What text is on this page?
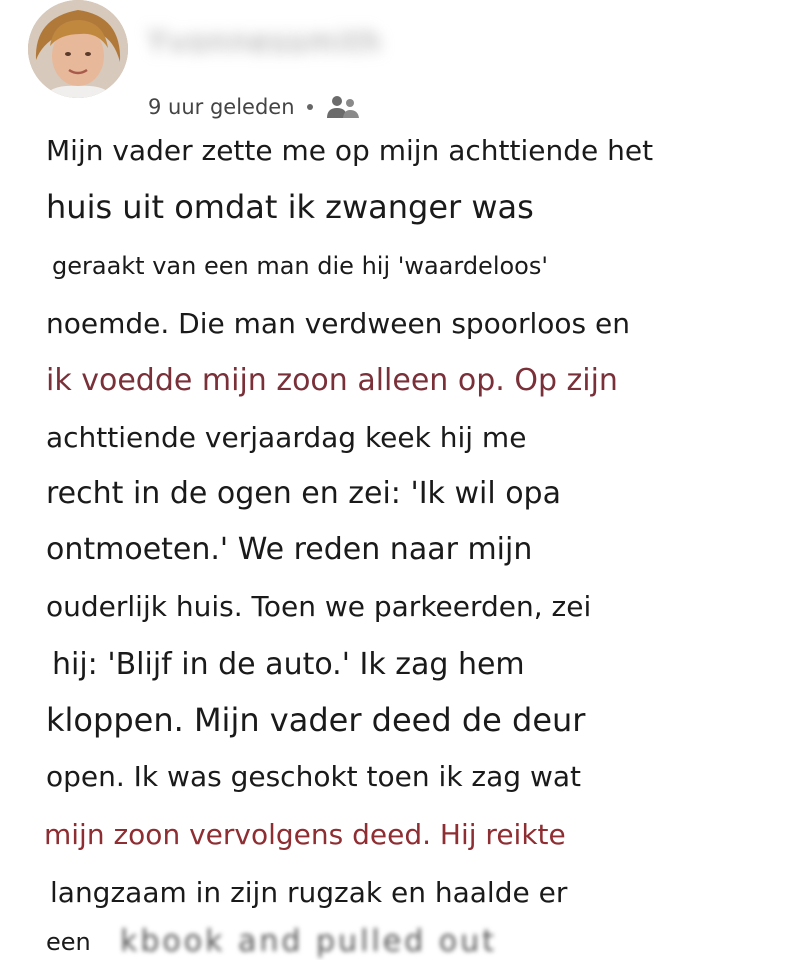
Yvonnessmith
9 uur geleden
Mijn vader zette me op mijn achttiende het
huis uit omdat ik zwanger was
geraakt van een man die hij 'waardeloos'
noemde. Die man verdween spoorloos en
ik voedde mijn zoon alleen op. Op zijn
achttiende verjaardag keek hij me
recht in de ogen en zei: 'Ik wil opa
ontmoeten.' We reden naar mijn
ouderlijk huis. Toen we parkeerden, zei
hij: 'Blijf in de auto.' Ik zag hem
kloppen. Mijn vader deed de deur
open. Ik was geschokt toen ik zag wat
mijn zoon vervolgens deed. Hij reikte
langzaam in zijn rugzak en haalde er
een kbook and pulled out
